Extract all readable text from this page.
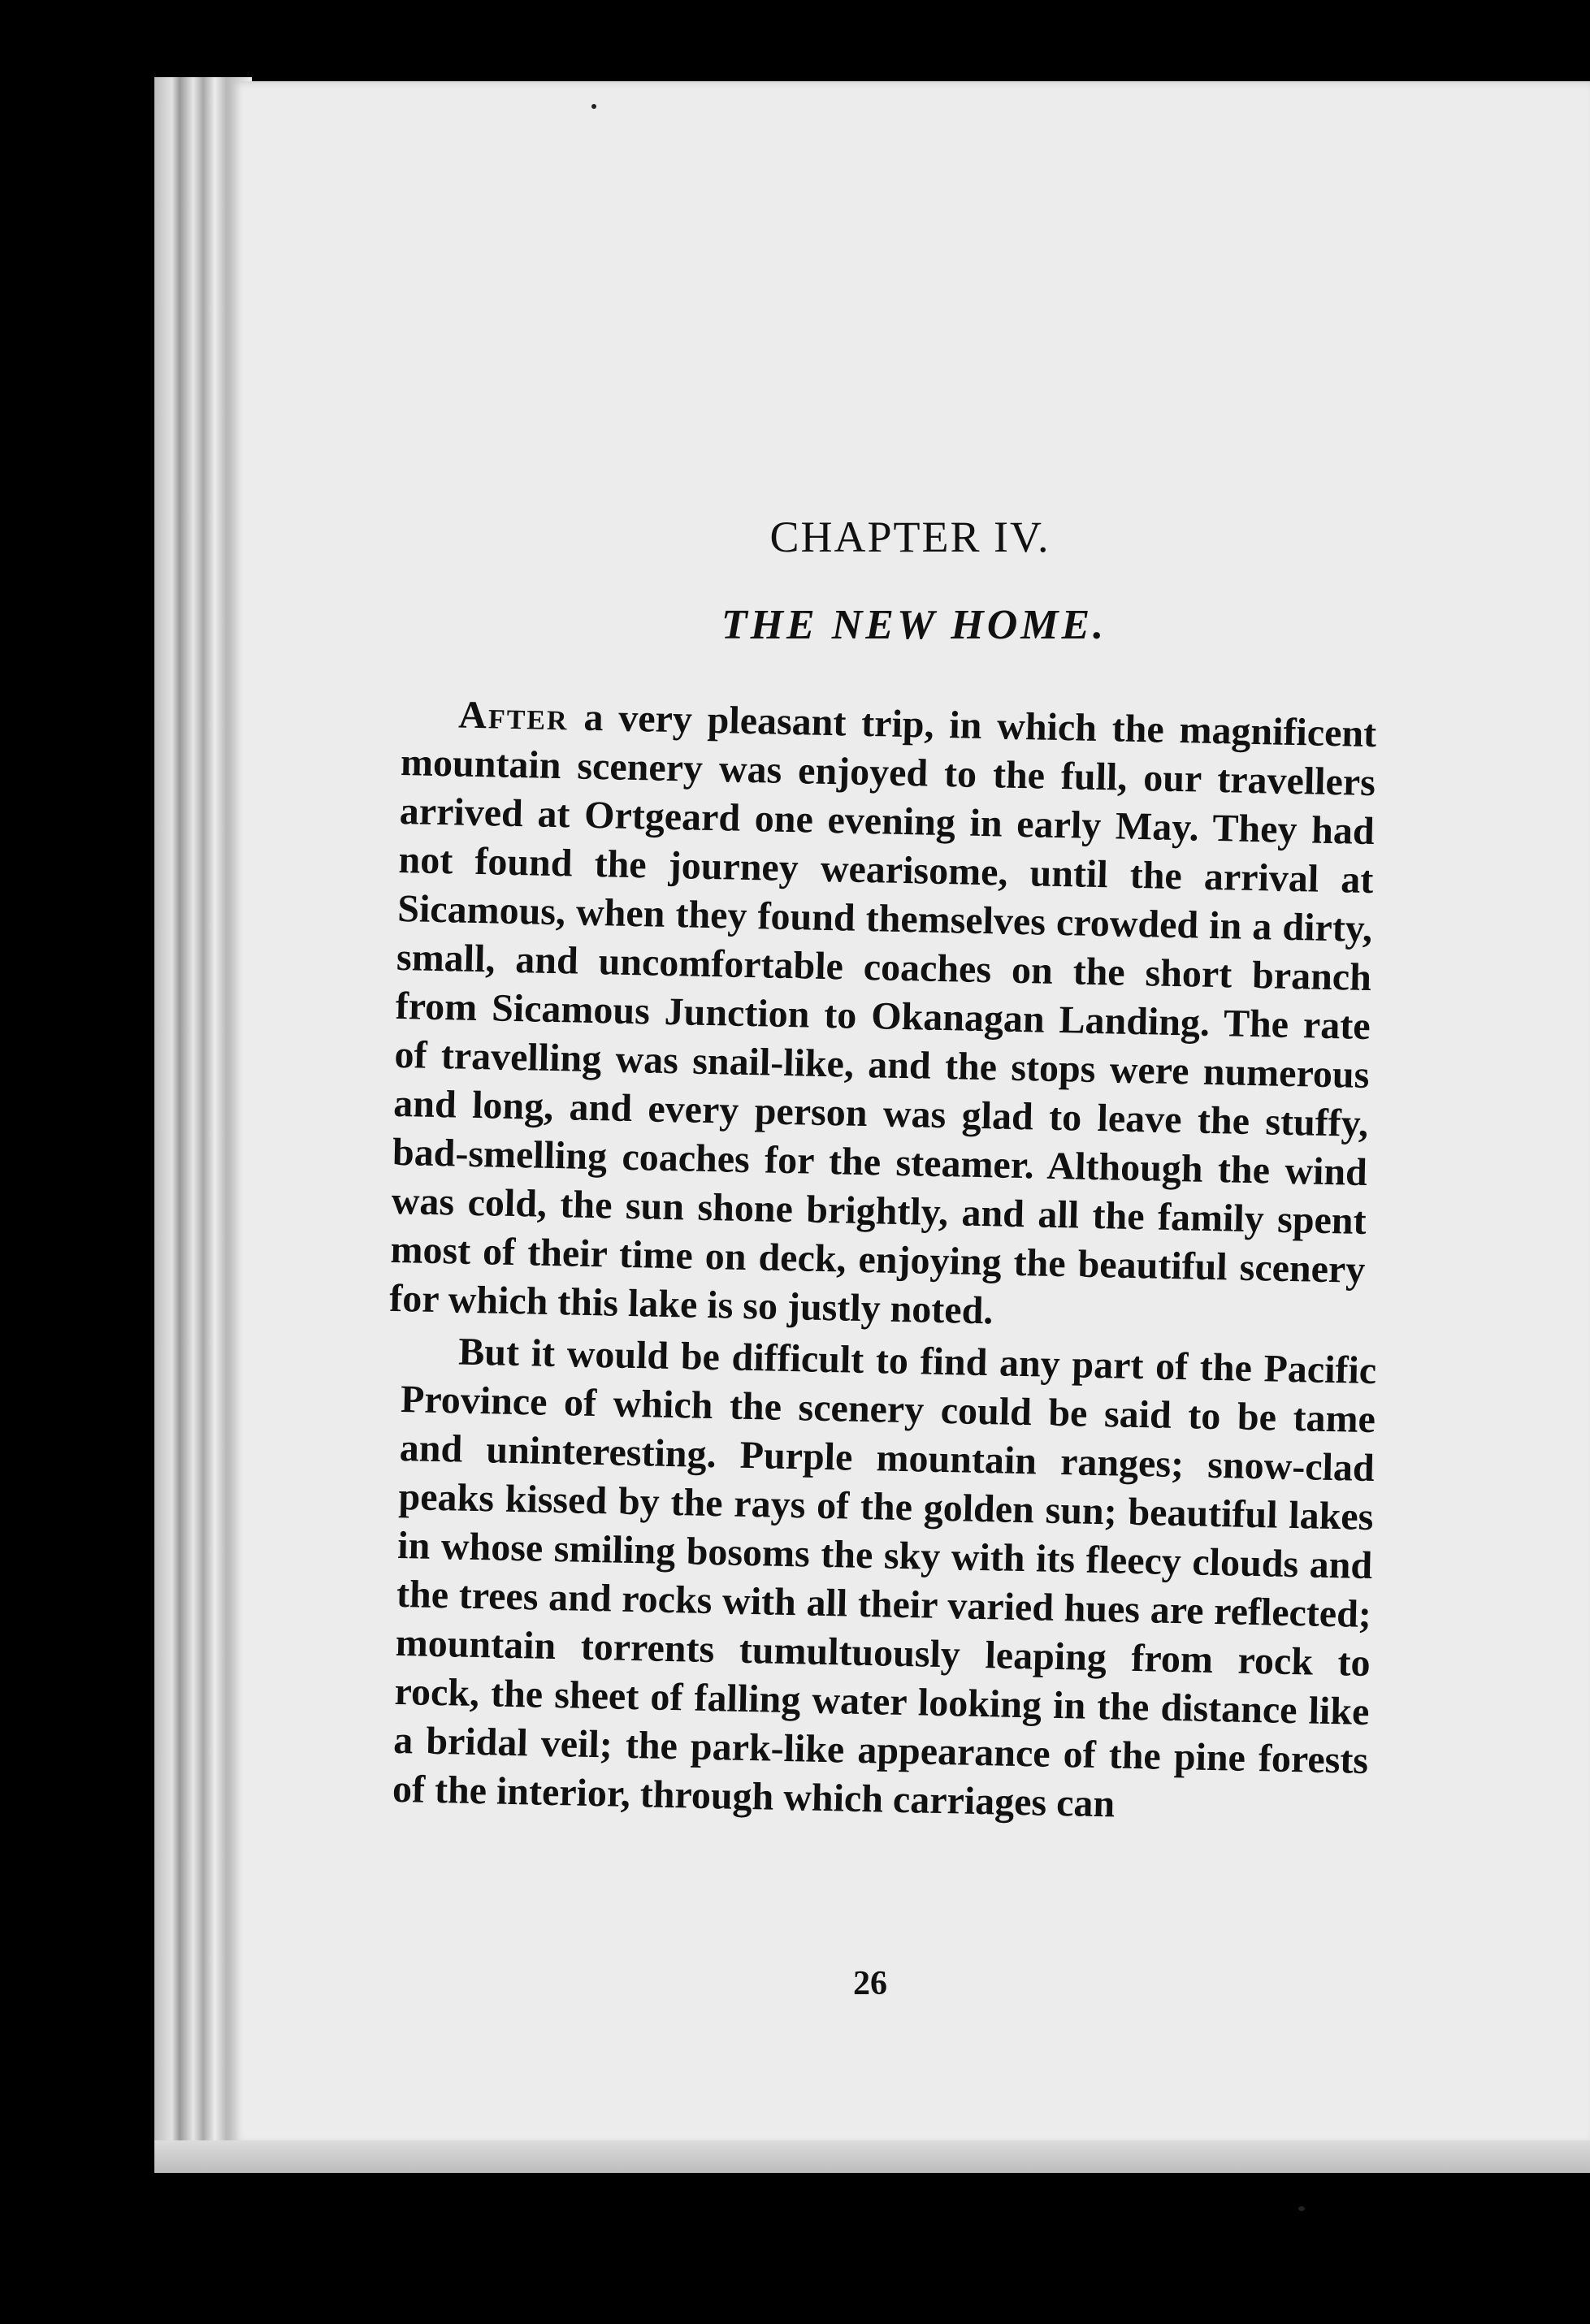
CHAPTER IV.
THE NEW HOME.

After a very pleasant trip, in which the magnificent mountain scenery was enjoyed to the full, our travellers arrived at Ortgeard one evening in early May. They had not found the journey wearisome, until the arrival at Sicamous, when they found themselves crowded in a dirty, small, and uncomfortable coaches on the short branch from Sicamous Junction to Okanagan Landing. The rate of travelling was snail-like, and the stops were numerous and long, and every person was glad to leave the stuffy, bad-smelling coaches for the steamer. Although the wind was cold, the sun shone brightly, and all the family spent most of their time on deck, enjoying the beautiful scenery for which this lake is so justly noted.

But it would be difficult to find any part of the Pacific Province of which the scenery could be said to be tame and uninteresting. Purple mountain ranges; snow-clad peaks kissed by the rays of the golden sun; beautiful lakes in whose smiling bosoms the sky with its fleecy clouds and the trees and rocks with all their varied hues are reflected; mountain torrents tumultuously leaping from rock to rock, the sheet of falling water looking in the distance like a bridal veil; the park-like appearance of the pine forests of the interior, through which carriages can

26
